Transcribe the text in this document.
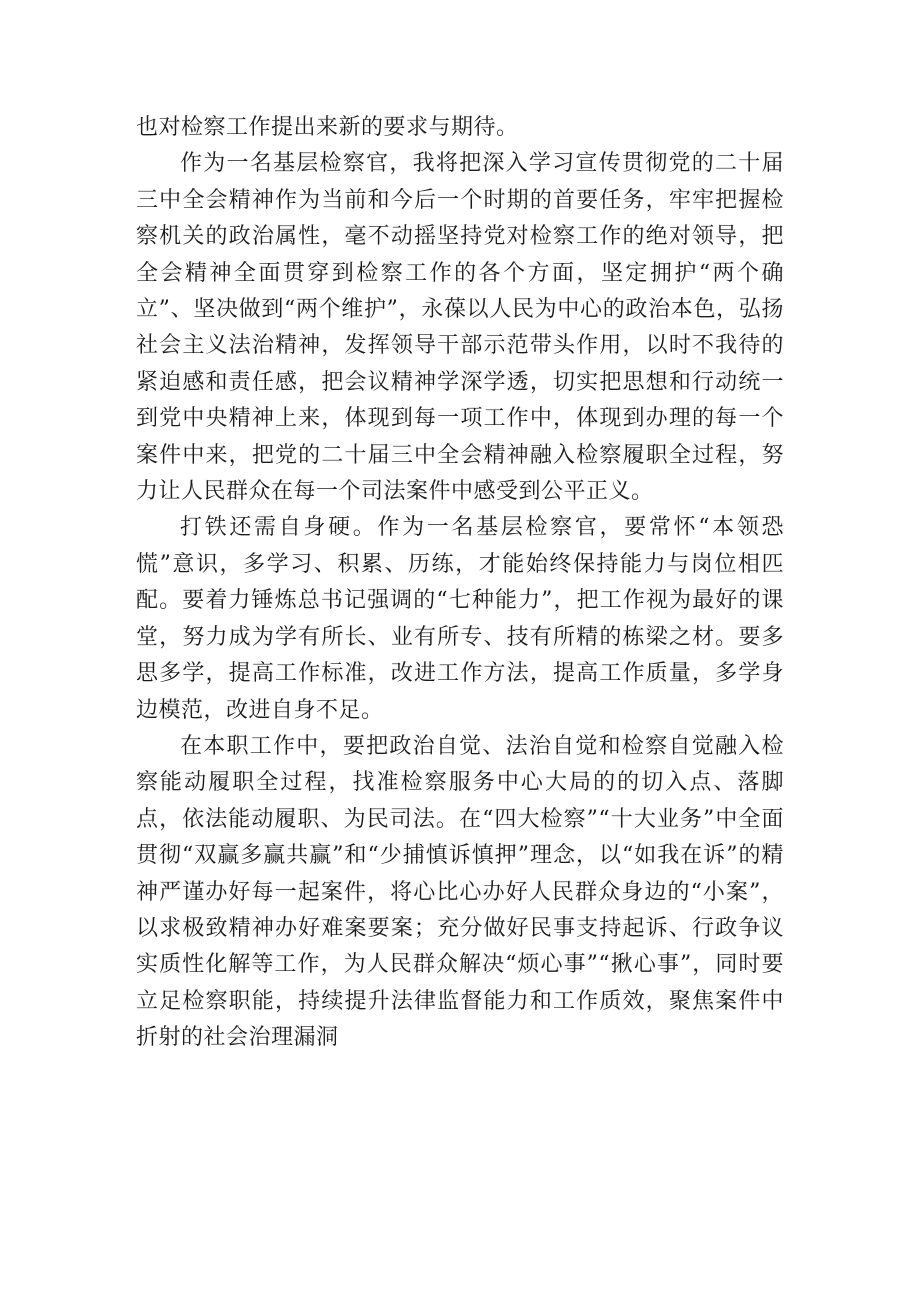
也对检察工作提出来新的要求与期待。

作为一名基层检察官，我将把深入学习宣传贯彻党的二十届三中全会精神作为当前和今后一个时期的首要任务，牢牢把握检察机关的政治属性，毫不动摇坚持党对检察工作的绝对领导，把全会精神全面贯穿到检察工作的各个方面，坚定拥护“两个确立”、坚决做到“两个维护”，永葆以人民为中心的政治本色，弘扬社会主义法治精神，发挥领导干部示范带头作用，以时不我待的紧迫感和责任感，把会议精神学深学透，切实把思想和行动统一到党中央精神上来，体现到每一项工作中，体现到办理的每一个案件中来，把党的二十届三中全会精神融入检察履职全过程，努力让人民群众在每一个司法案件中感受到公平正义。

打铁还需自身硬。作为一名基层检察官，要常怀“本领恐慌”意识，多学习、积累、历练，才能始终保持能力与岗位相匹配。要着力锤炼总书记强调的“七种能力”，把工作视为最好的课堂，努力成为学有所长、业有所专、技有所精的栋梁之材。要多思多学，提高工作标准，改进工作方法，提高工作质量，多学身边模范，改进自身不足。

在本职工作中，要把政治自觉、法治自觉和检察自觉融入检察能动履职全过程，找准检察服务中心大局的的切入点、落脚点，依法能动履职、为民司法。在“四大检察”“十大业务”中全面贯彻“双赢多赢共赢”和“少捕慎诉慎押”理念，以“如我在诉”的精神严谨办好每一起案件，将心比心办好人民群众身边的“小案”，以求极致精神办好难案要案；充分做好民事支持起诉、行政争议实质性化解等工作，为人民群众解决“烦心事”“揪心事”，同时要立足检察职能，持续提升法律监督能力和工作质效，聚焦案件中折射的社会治理漏洞
